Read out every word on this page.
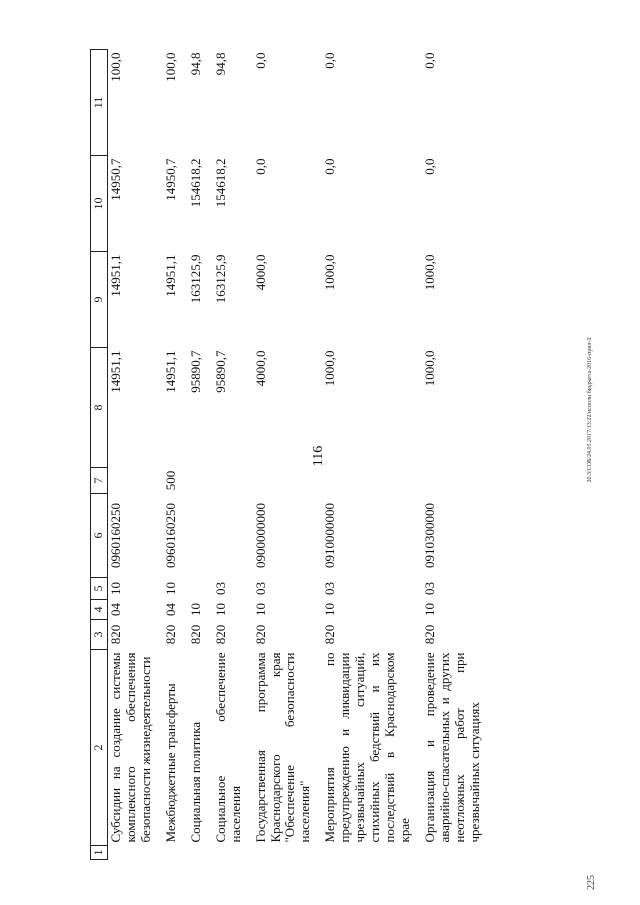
116	20.3/СОБ/24.05.2017/13:22/исполн бюджета-2016-прил-2
225
1	2	3	4	5	6	7	8	9	10	11
	Субсидии на создание системы комплексного обеспечения безопасности жизнедеятельности	820	04	10	0960160250		14951,1	14951,1	14950,7	100,0

	Межбюджетные трансферты	820	04	10	0960160250	500	14951,1	14951,1	14950,7	100,0

	Социальная политика	820	10				95890,7	163125,9	154618,2	94,8

	Социальное обеспечение населения	820	10	03			95890,7	163125,9	154618,2	94,8

	Государственная программа Краснодарского края "Обеспечение безопасности населения"	820	10	03	0900000000		4000,0	4000,0	0,0	0,0

	Мероприятия по предупреждению и ликвидации чрезвычайных ситуаций, стихийных бедствий и их последствий в Краснодарском крае	820	10	03	0910000000		1000,0	1000,0	0,0	0,0

	Организация и проведение аварийно-спасательных и других неотложных работ при чрезвычайных ситуациях	820	10	03	0910300000		1000,0	1000,0	0,0	0,0
